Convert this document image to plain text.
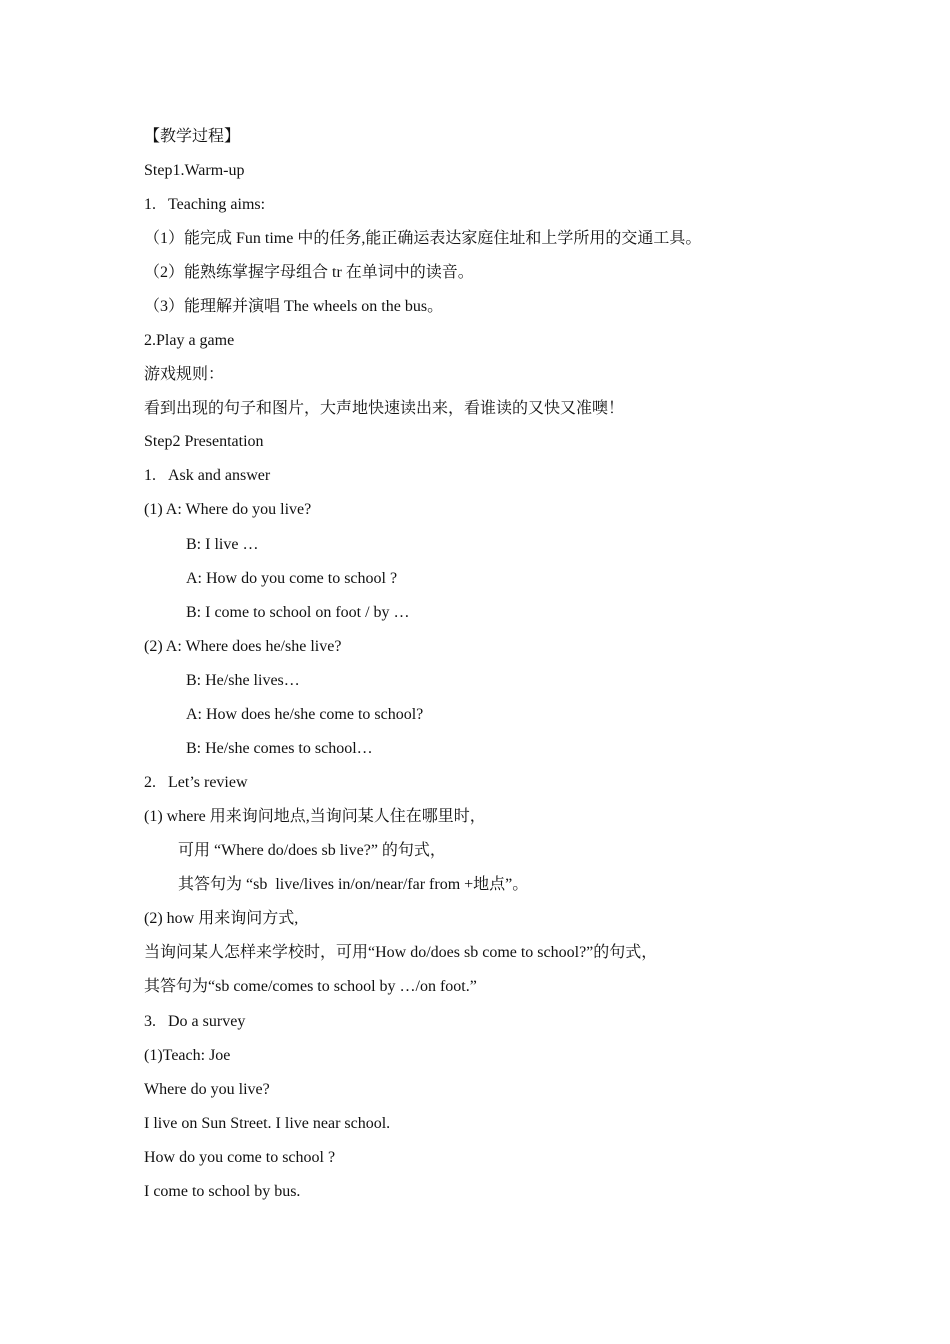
【教学过程】
Step1.Warm-up
1.   Teaching aims:
（1）能完成 Fun time 中的任务,能正确运表达家庭住址和上学所用的交通工具。
（2）能熟练掌握字母组合 tr 在单词中的读音。
（3）能理解并演唱 The wheels on the bus。
2.Play a game
游戏规则：
看到出现的句子和图片，大声地快速读出来，看谁读的又快又准噢！
Step2 Presentation
1.   Ask and answer
(1) A: Where do you live?
B: I live …
A: How do you come to school ?
B: I come to school on foot / by …
(2) A: Where does he/she live?
B: He/she lives…
A: How does he/she come to school?
B: He/she comes to school…
2.   Let’s review
(1) where 用来询问地点,当询问某人住在哪里时，
可用 “Where do/does sb live?” 的句式，
其答句为 “sb  live/lives in/on/near/far from +地点”。
(2) how 用来询问方式,
当询问某人怎样来学校时，可用“How do/does sb come to school?”的句式，
其答句为“sb come/comes to school by …/on foot.”
3.   Do a survey
(1)Teach: Joe
Where do you live?
I live on Sun Street. I live near school.
How do you come to school ?
I come to school by bus.
